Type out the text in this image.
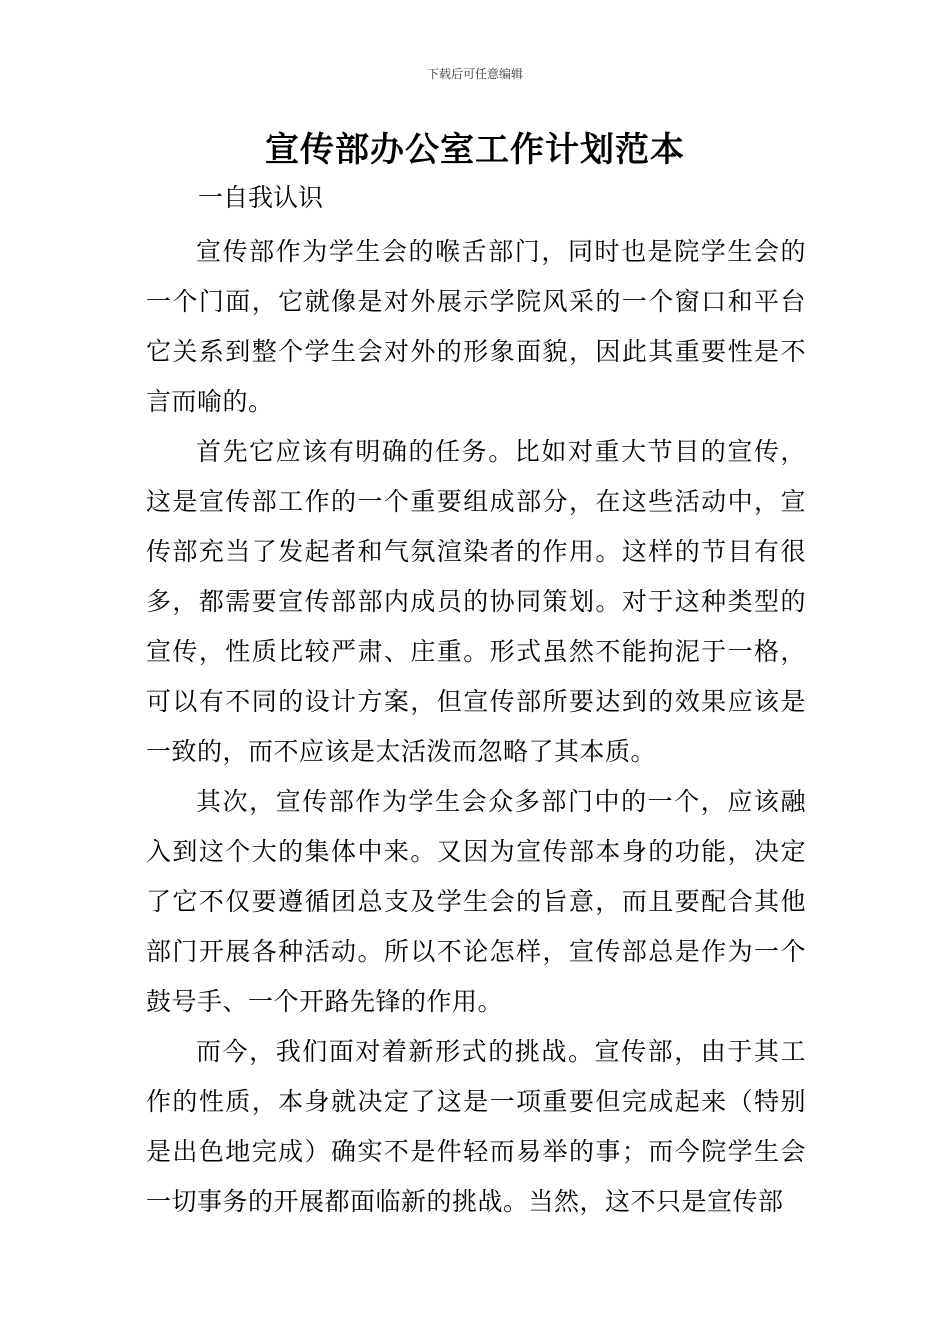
下载后可任意编辑
宣传部办公室工作计划范本
一自我认识

宣传部作为学生会的喉舌部门，同时也是院学生会的一个门面，它就像是对外展示学院风采的一个窗口和平台它关系到整个学生会对外的形象面貌，因此其重要性是不言而喻的。

首先它应该有明确的任务。比如对重大节目的宣传，这是宣传部工作的一个重要组成部分，在这些活动中，宣传部充当了发起者和气氛渲染者的作用。这样的节目有很多，都需要宣传部部内成员的协同策划。对于这种类型的宣传，性质比较严肃、庄重。形式虽然不能拘泥于一格，可以有不同的设计方案，但宣传部所要达到的效果应该是一致的，而不应该是太活泼而忽略了其本质。

其次，宣传部作为学生会众多部门中的一个，应该融入到这个大的集体中来。又因为宣传部本身的功能，决定了它不仅要遵循团总支及学生会的旨意，而且要配合其他部门开展各种活动。所以不论怎样，宣传部总是作为一个鼓号手、一个开路先锋的作用。

而今，我们面对着新形式的挑战。宣传部，由于其工作的性质，本身就决定了这是一项重要但完成起来（特别是出色地完成）确实不是件轻而易举的事；而今院学生会一切事务的开展都面临新的挑战。当然，这不只是宣传部
